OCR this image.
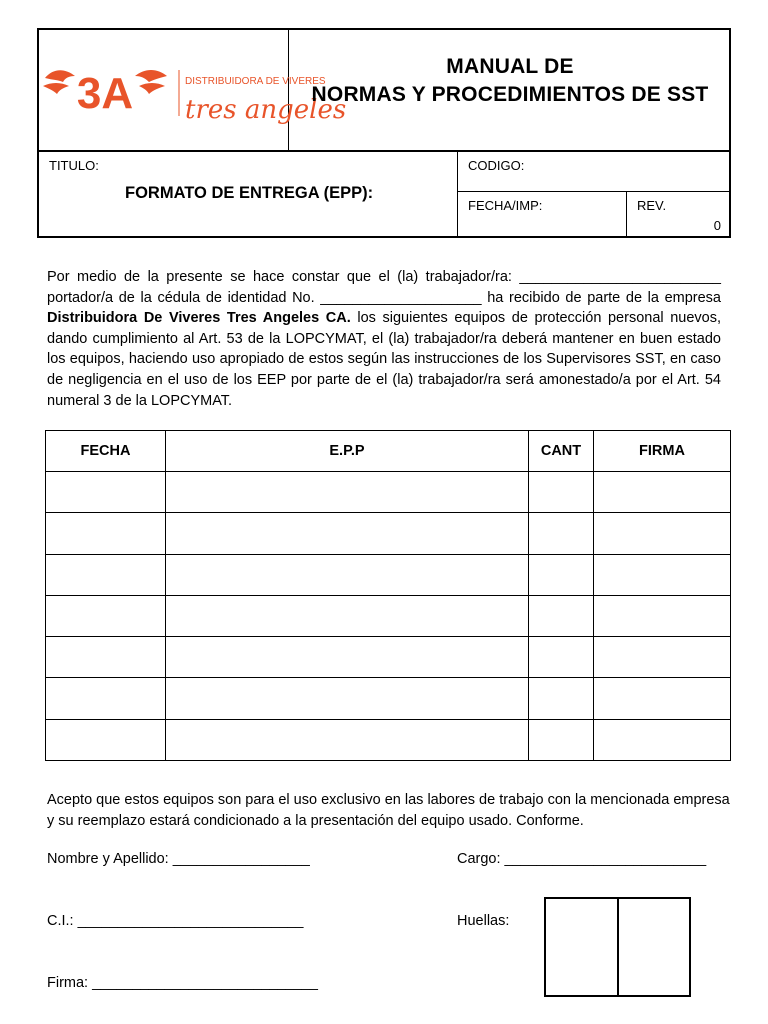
3A	DISTRIBUIDORA DE VIVERES
tres angeles
MANUAL DE
NORMAS Y PROCEDIMIENTOS DE SST
TITULO:
FORMATO DE ENTREGA (EPP):
CODIGO:
FECHA/IMP:	REV.
0
Por medio de la presente se hace constar que el (la) trabajador/ra: _________________________ portador/a de la cédula de identidad No. ____________________ ha recibido de parte de la empresa Distribuidora De Viveres Tres Angeles CA. los siguientes equipos de protección personal nuevos, dando cumplimiento al Art. 53 de la LOPCYMAT, el (la) trabajador/ra deberá mantener en buen estado los equipos, haciendo uso apropiado de estos según las instrucciones de los Supervisores SST, en caso de negligencia en el uso de los EEP por parte de el (la) trabajador/ra será amonestado/a por el Art. 54 numeral 3 de la LOPCYMAT.
FECHA	E.P.P	CANT	FIRMA

Acepto que estos equipos son para el uso exclusivo en las labores de trabajo con la mencionada empresa y su reemplazo estará condicionado a la presentación del equipo usado. Conforme.
Nombre y Apellido: _________________	Cargo: _________________________
C.I.: ____________________________	Huellas:
Firma: ____________________________
